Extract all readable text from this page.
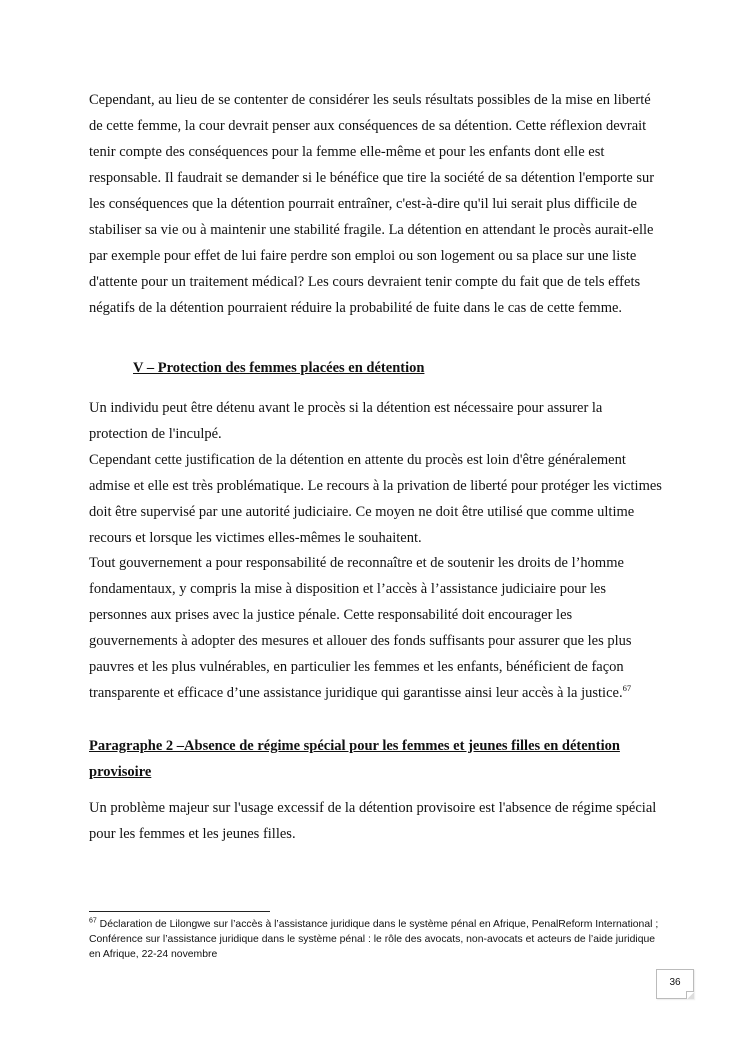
Cependant, au lieu de se contenter de considérer les seuls résultats possibles de la mise en liberté de cette femme, la cour devrait penser aux conséquences de sa détention. Cette réflexion devrait tenir compte des conséquences pour la femme elle-même et pour les enfants dont elle est responsable. Il faudrait se demander si le bénéfice que tire la société de sa détention l'emporte sur les conséquences que la détention pourrait entraîner, c'est-à-dire qu'il lui serait plus difficile de stabiliser sa vie ou à maintenir une stabilité fragile. La détention en attendant le procès aurait-elle par exemple pour effet de lui faire perdre son emploi ou son logement ou sa place sur une liste d'attente pour un traitement médical? Les cours devraient tenir compte du fait que de tels effets négatifs de la détention pourraient réduire la probabilité de fuite dans le cas de cette femme.

V – Protection des femmes placées en détention

Un individu peut être détenu avant le procès si la détention est nécessaire pour assurer la protection de l'inculpé.

Cependant cette justification de la détention en attente du procès est loin d'être généralement admise et elle est très problématique. Le recours à la privation de liberté pour protéger les victimes doit être supervisé par une autorité judiciaire. Ce moyen ne doit être utilisé que comme ultime recours et lorsque les victimes elles-mêmes le souhaitent.

Tout gouvernement a pour responsabilité de reconnaître et de soutenir les droits de l’homme fondamentaux, y compris la mise à disposition et l’accès à l’assistance judiciaire pour les personnes aux prises avec la justice pénale. Cette responsabilité doit encourager les gouvernements à adopter des mesures et allouer des fonds suffisants pour assurer que les plus pauvres et les plus vulnérables, en particulier les femmes et les enfants, bénéficient de façon transparente et efficace d’une assistance juridique qui garantisse ainsi leur accès à la justice.$^{67}$

Paragraphe 2 –Absence de régime spécial pour les femmes et jeunes filles en détention provisoire

Un problème majeur sur l'usage excessif de la détention provisoire est l'absence de régime spécial pour les femmes et les jeunes filles.

$^{67}$ Déclaration de Lilongwe sur l’accès à l’assistance juridique dans le système pénal en Afrique, PenalReform International ; Conférence sur l’assistance juridique dans le système pénal : le rôle des avocats, non-avocats et acteurs de l’aide juridique en Afrique, 22-24 novembre

36
